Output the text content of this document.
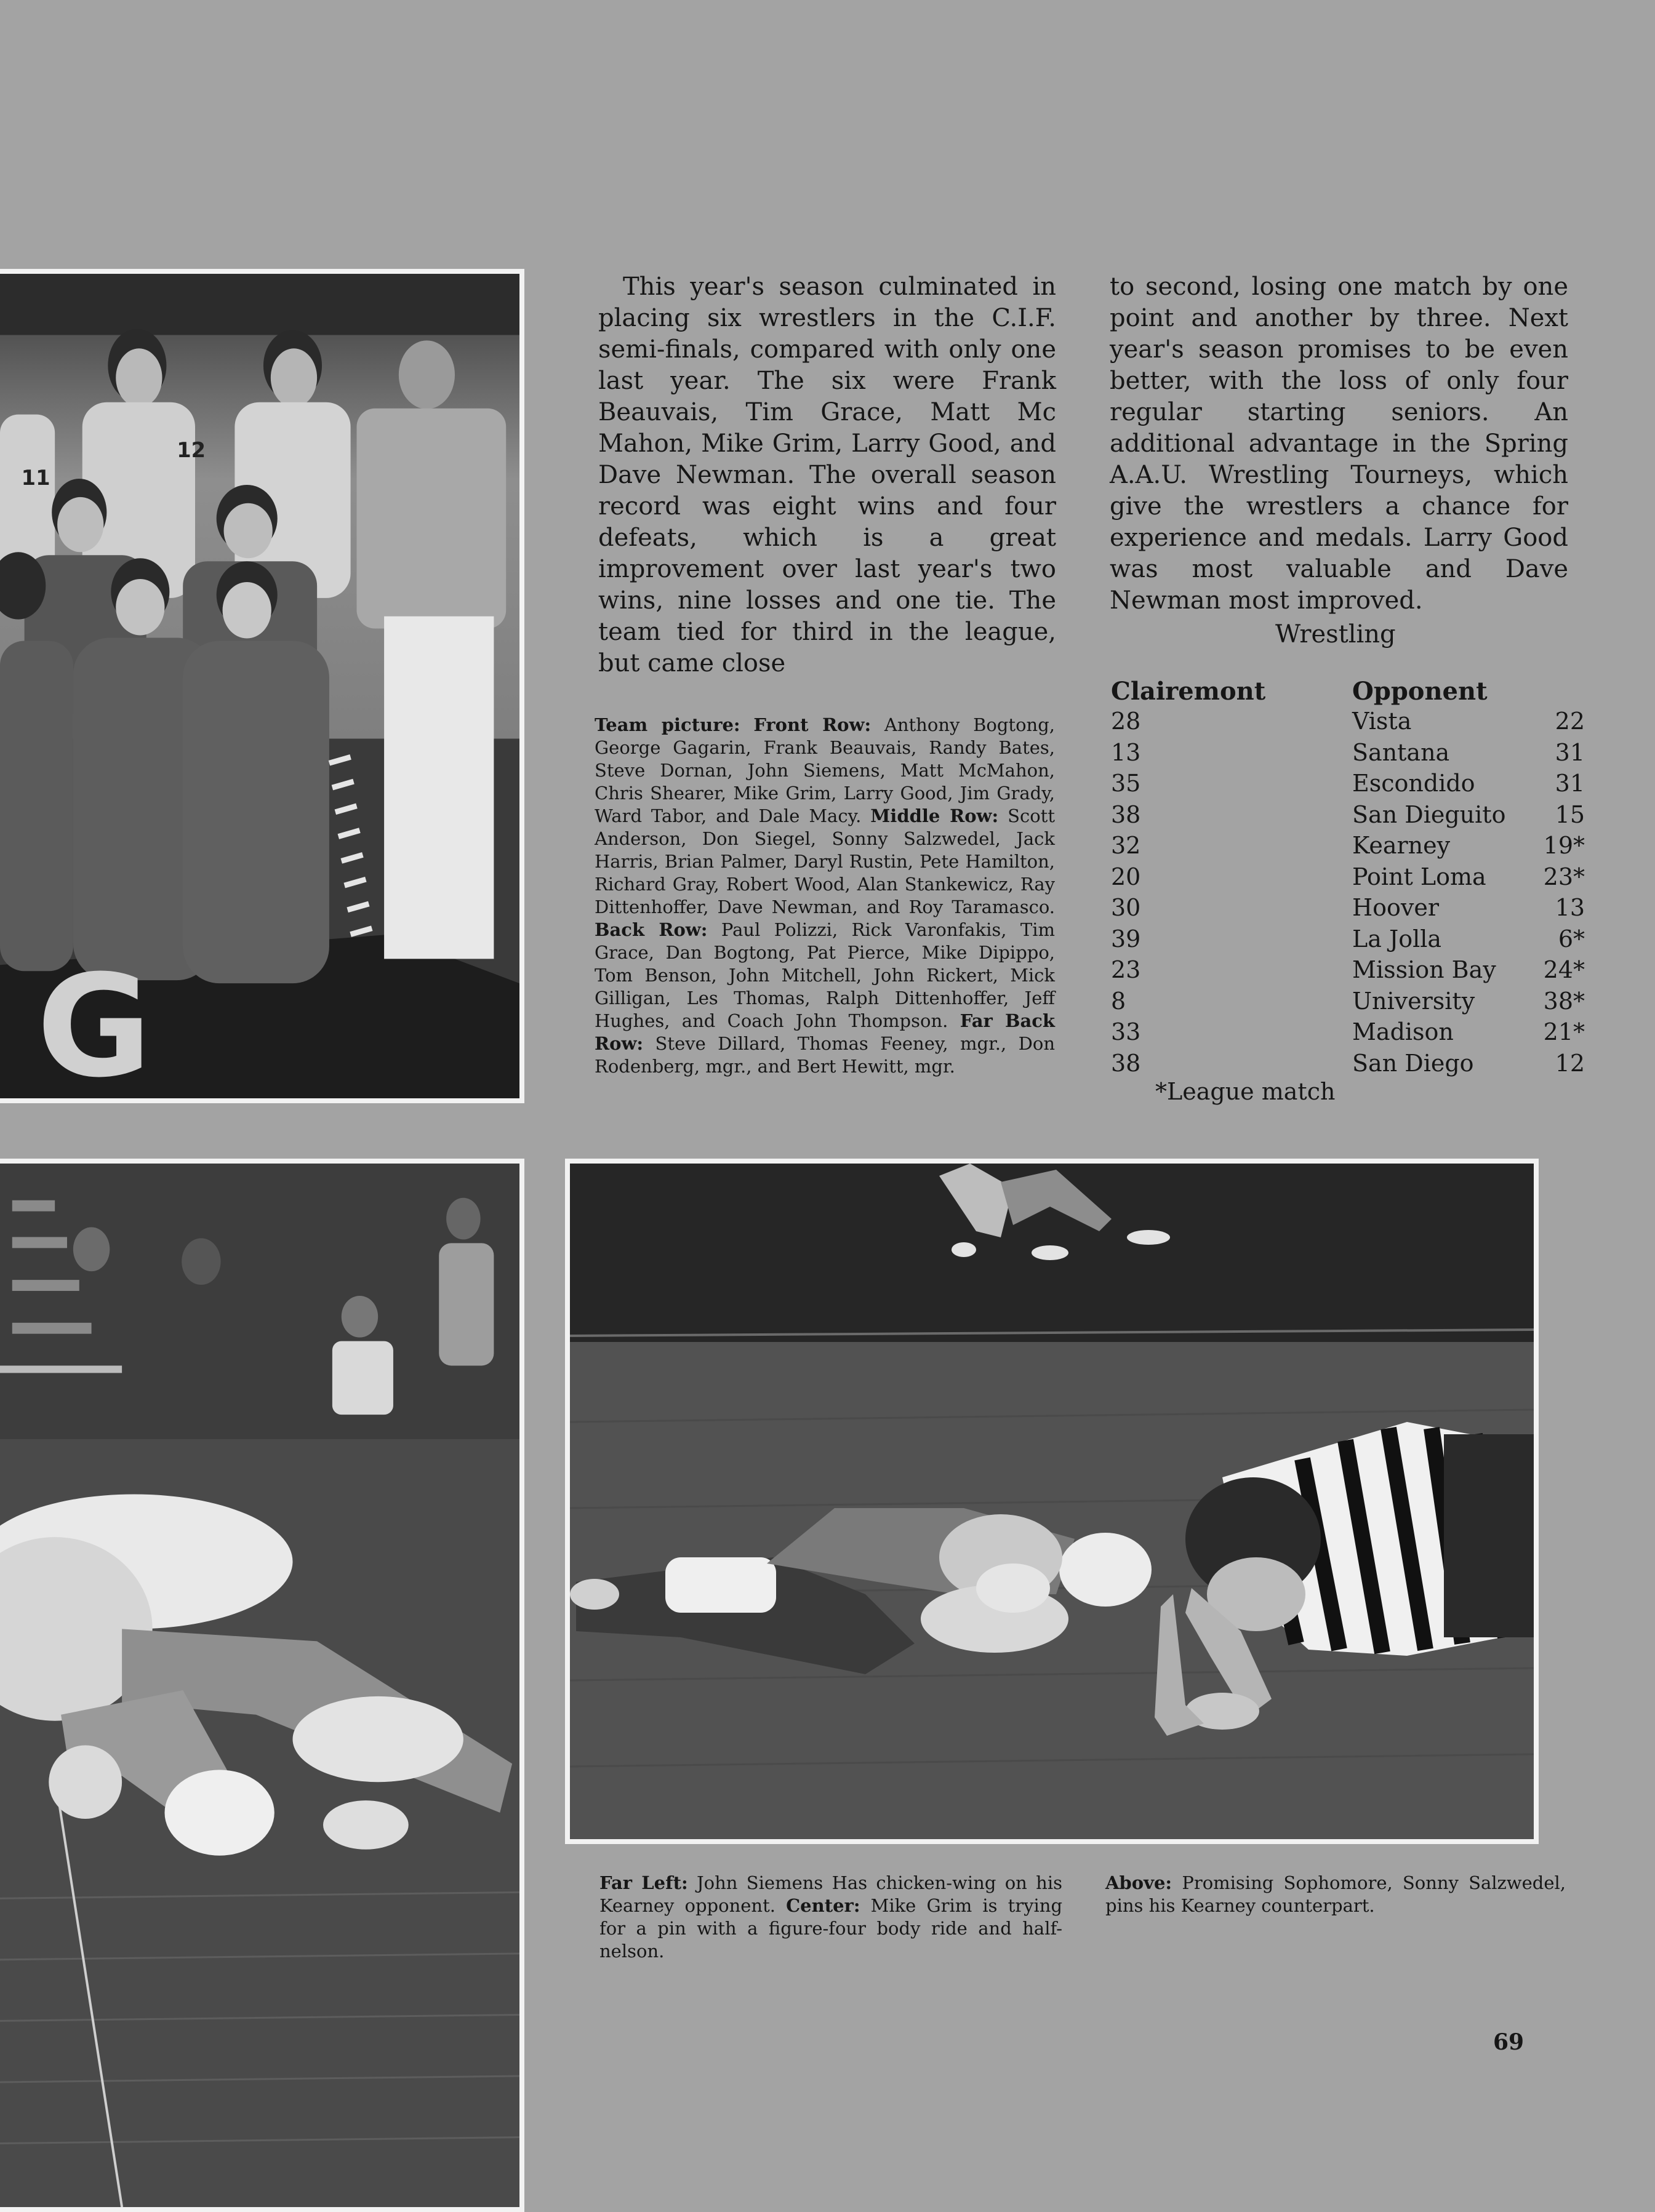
11
12
G

This year's season culminated in placing six wrestlers in the C.I.F. semi-finals, compared with only one last year. The six were Frank Beauvais, Tim Grace, Matt Mc Mahon, Mike Grim, Larry Good, and Dave Newman. The overall season record was eight wins and four defeats, which is a great improvement over last year's two wins, nine losses and one tie. The team tied for third in the league, but came close

to second, losing one match by one point and another by three. Next year's season promises to be even better, with the loss of only four regular starting seniors. An additional advantage in the Spring A.A.U. Wrestling Tourneys, which give the wrestlers a chance for experience and medals. Larry Good was most valuable and Dave Newman most improved.

Team picture: Front Row: Anthony Bogtong, George Gagarin, Frank Beauvais, Randy Bates, Steve Dornan, John Siemens, Matt McMahon, Chris Shearer, Mike Grim, Larry Good, Jim Grady, Ward Tabor, and Dale Macy. Middle Row: Scott Anderson, Don Siegel, Sonny Salzwedel, Jack Harris, Brian Palmer, Daryl Rustin, Pete Hamilton, Richard Gray, Robert Wood, Alan Stankewicz, Ray Dittenhoffer, Dave Newman, and Roy Taramasco. Back Row: Paul Polizzi, Rick Varonfakis, Tim Grace, Dan Bogtong, Pat Pierce, Mike Dipippo, Tom Benson, John Mitchell, John Rickert, Mick Gilligan, Les Thomas, Ralph Dittenhoffer, Jeff Hughes, and Coach John Thompson. Far Back Row: Steve Dillard, Thomas Feeney, mgr., Don Rodenberg, mgr., and Bert Hewitt, mgr.
Wrestling
Clairemont	Opponent
28	Vista	22
13	Santana	31
35	Escondido	31
38	San Dieguito 15
32	Kearney	19*
20	Point Loma 23*
30	Hoover	13
39	La Jolla	6*
23	Mission Bay 24*
8	University	38*
33	Madison	21*
38	San Diego	12
*League match
Far Left: John Siemens Has chicken-wing on his Kearney opponent. Center: Mike Grim is trying for a pin with a figure-four body ride and half-nelson.
Above: Promising Sophomore, Sonny Salzwedel, pins his Kearney counterpart.
69
